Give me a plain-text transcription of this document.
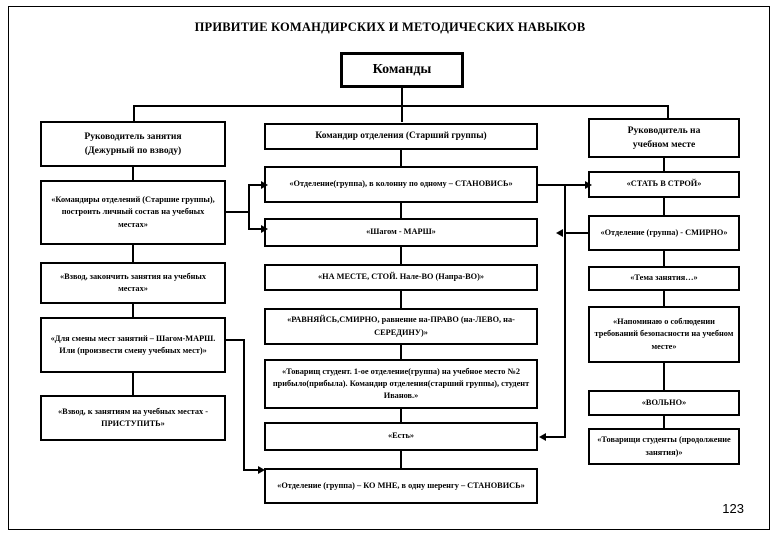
ПРИВИТИЕ КОМАНДИРСКИХ И МЕТОДИЧЕСКИХ НАВЫКОВ
Команды
Руководитель занятия
(Дежурный по взводу)
«Командиры отделений (Старшие группы), построить личный состав на учебных местах»
«Взвод, закончить занятия на учебных местах»
«Для смены мест занятий – Шагом-МАРШ. Или (произвести смену учебных мест)»
«Взвод, к занятиям на учебных местах - ПРИСТУПИТЬ»
Командир отделения (Старший группы)
«Отделение(группа), в колонну по одному – СТАНОВИСЬ»
«Шагом - МАРШ»
«НА МЕСТЕ, СТОЙ. Нале-ВО (Напра-ВО)»
«РАВНЯЙСЬ,СМИРНО, равнение на-ПРАВО (на-ЛЕВО, на-СЕРЕДИНУ)»
«Товарищ студент. 1-ое отделение(группа) на учебное место №2 прибыло(прибыла). Командир отделения(старший группы), студент Иванов.»
«Есть»
«Отделение (группа) – КО МНЕ, в одну шеренгу – СТАНОВИСЬ»
Руководитель на
учебном месте
«СТАТЬ В СТРОЙ»
«Отделение (группа) - СМИРНО»
«Тема занятия…»
«Напоминаю о соблюдении требований безопасности на учебном месте»
«ВОЛЬНО»
«Товарищи студенты (продолжение занятия)»
123
